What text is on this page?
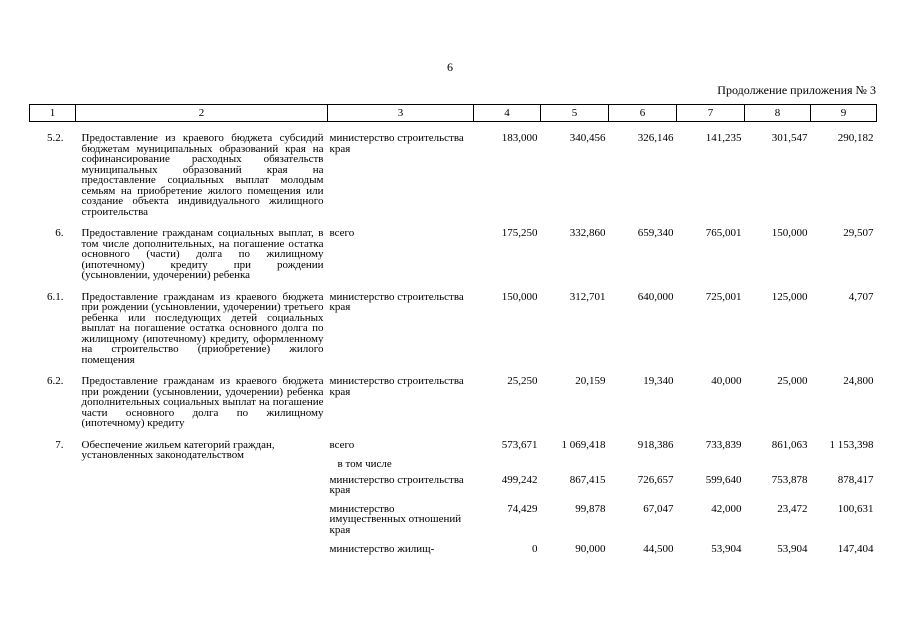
6
Продолжение приложения № 3
1	2	3	4	5	6	7	8	9

5.2.	Предоставление из краевого бюджета субсидий бюджетам муниципальных образований края на софинансирование расходных обязательств муниципальных образований края на предоставление социальных выплат молодым семьям на приобретение жилого помещения или создание объекта индивидуального жилищного строительства	министерство строительства края	183,000	340,456	326,146	141,235	301,547	290,182

6.	Предоставление гражданам социальных выплат, в том числе дополнительных, на погашение остатка основного (части) долга по жилищному (ипотечному) кредиту при рождении (усыновлении, удочерении) ребенка	всего	175,250	332,860	659,340	765,001	150,000	29,507

6.1.	Предоставление гражданам из краевого бюджета при рождении (усыновлении, удочерении) третьего ребенка или последующих детей социальных выплат на погашение остатка основного долга по жилищному (ипотечному) кредиту, оформленному на строительство (приобретение) жилого помещения	министерство строительства края	150,000	312,701	640,000	725,001	125,000	4,707

6.2.	Предоставление гражданам из краевого бюджета при рождении (усыновлении, удочерении) ребенка дополнительных социальных выплат на погашение части основного долга по жилищному (ипотечному) кредиту	министерство строительства края	25,250	20,159	19,340	40,000	25,000	24,800

7.	Обеспечение жильем категорий граждан, установленных законодательством	всего	573,671	1 069,418	918,386	733,839	861,063	1 153,398
		в том числе						
		министерство строительства края	499,242	867,415	726,657	599,640	753,878	878,417
		министерство имущественных отношений края	74,429	99,878	67,047	42,000	23,472	100,631
		министерство жилищ-	0	90,000	44,500	53,904	53,904	147,404
